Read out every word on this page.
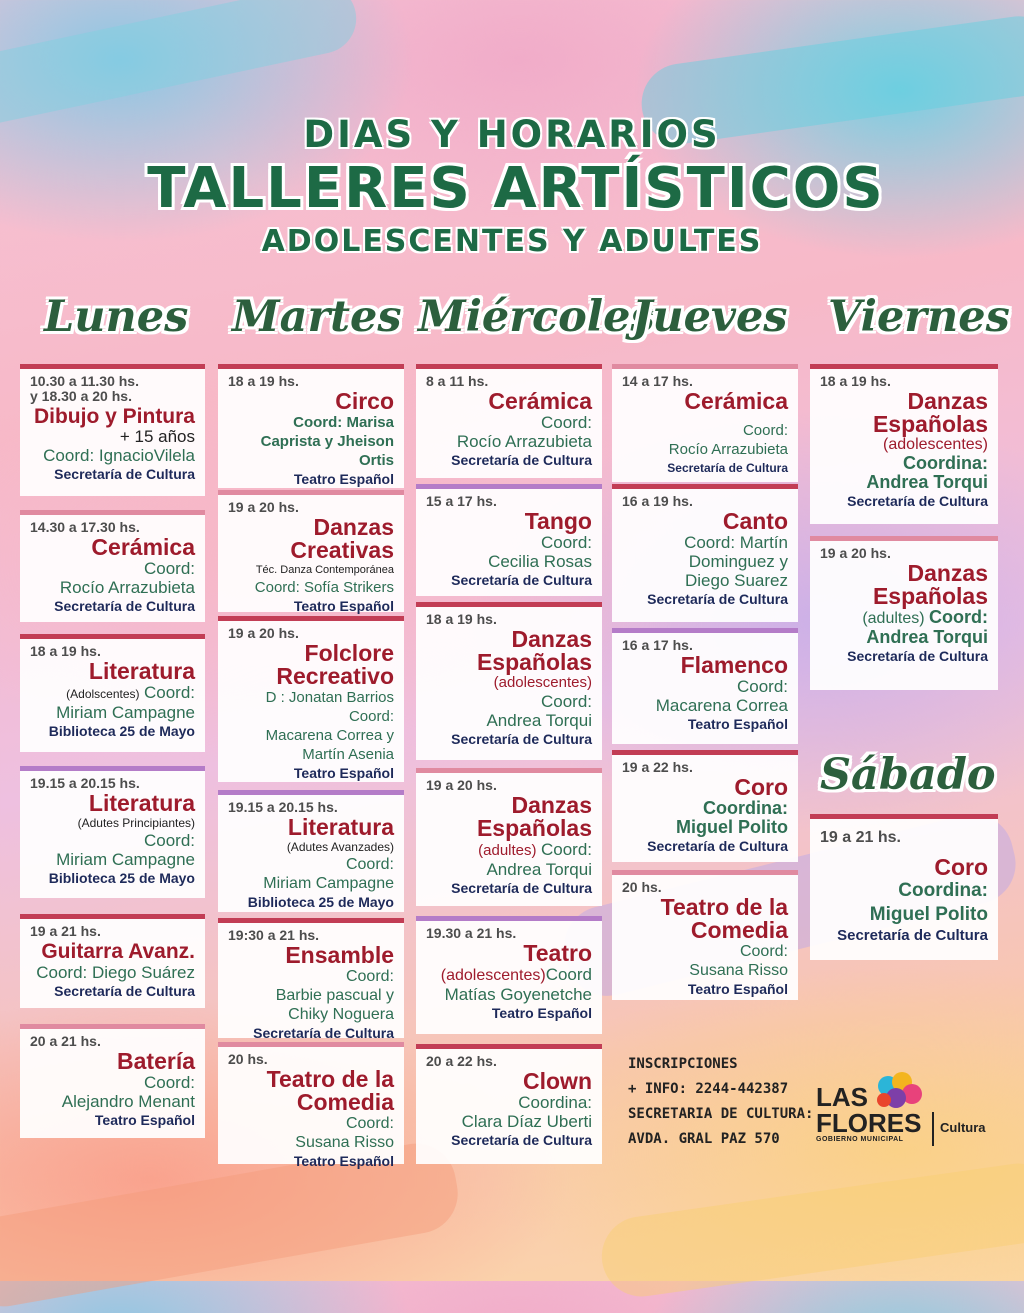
DIAS Y HORARIOS
TALLERES ARTÍSTICOS
ADOLESCENTES Y ADULTES
Lunes Martes Miércoles
Jueves Viernes
Sábado
10.30 a 11.30 hs.
y 18.30 a 20 hs.
Dibujo y Pintura
+ 15 años
Coord: IgnacioVilela
Secretaría de Cultura
14.30 a 17.30 hs.
Cerámica
Coord:
Rocío Arrazubieta
Secretaría de Cultura
18 a 19 hs.
Literatura
(Adolscentes) Coord:
Miriam Campagne
Biblioteca 25 de Mayo
19.15 a 20.15 hs.
Literatura
(Adutes Principiantes)
Coord:
Miriam Campagne
Biblioteca 25 de Mayo
19 a 21 hs.
Guitarra Avanz.
Coord: Diego Suárez
Secretaría de Cultura
20 a 21 hs.
Batería
Coord:
Alejandro Menant
Teatro Español
18 a 19 hs.
Circo
Coord: Marisa
Caprista y Jheison
Ortis
Teatro Español
19 a 20 hs.
Danzas
Creativas
Téc. Danza Contemporánea
Coord: Sofía Strikers
Teatro Español
19 a 20 hs.
Folclore
Recreativo
D : Jonatan Barrios
Coord:
Macarena Correa y
Martín Asenia
Teatro Español
19.15 a 20.15 hs.
Literatura
(Adutes Avanzades)
Coord:
Miriam Campagne
Biblioteca 25 de Mayo
19:30 a 21 hs.
Ensamble
Coord:
Barbie pascual y
Chiky Noguera
Secretaría de Cultura
20 hs.
Teatro de la
Comedia
Coord:
Susana Risso
Teatro Español
8 a 11 hs.
Cerámica
Coord:
Rocío Arrazubieta
Secretaría de Cultura
15 a 17 hs.
Tango
Coord:
Cecilia Rosas
Secretaría de Cultura
18 a 19 hs.
Danzas
Españolas
(adolescentes)
Coord:
Andrea Torqui
Secretaría de Cultura
19 a 20 hs.
Danzas
Españolas
(adultes) Coord:
Andrea Torqui
Secretaría de Cultura
19.30 a 21 hs.
Teatro
(adolescentes)Coord
Matías Goyenetche
Teatro Español
20 a 22 hs.
Clown
Coordina:
Clara Díaz Uberti
Secretaría de Cultura
14 a 17 hs.
Cerámica
Coord:
Rocío Arrazubieta
Secretaría de Cultura
16 a 19 hs.
Canto
Coord: Martín
Dominguez y
Diego Suarez
Secretaría de Cultura
16 a 17 hs.
Flamenco
Coord:
Macarena Correa
Teatro Español
19 a 22 hs.
Coro
Coordina:
Miguel Polito
Secretaría de Cultura
20 hs.
Teatro de la
Comedia
Coord:
Susana Risso
Teatro Español
18 a 19 hs.
Danzas
Españolas
(adolescentes)
Coordina:
Andrea Torqui
Secretaría de Cultura
19 a 20 hs.
Danzas
Españolas
(adultes) Coord:
Andrea Torqui
Secretaría de Cultura
19 a 21 hs.
Coro
Coordina:
Miguel Polito
Secretaría de Cultura
INSCRIPCIONES
+ INFO: 2244-442387
SECRETARIA DE CULTURA:
AVDA. GRAL PAZ 570
LAS
FLORES
GOBIERNO MUNICIPAL
Cultura
